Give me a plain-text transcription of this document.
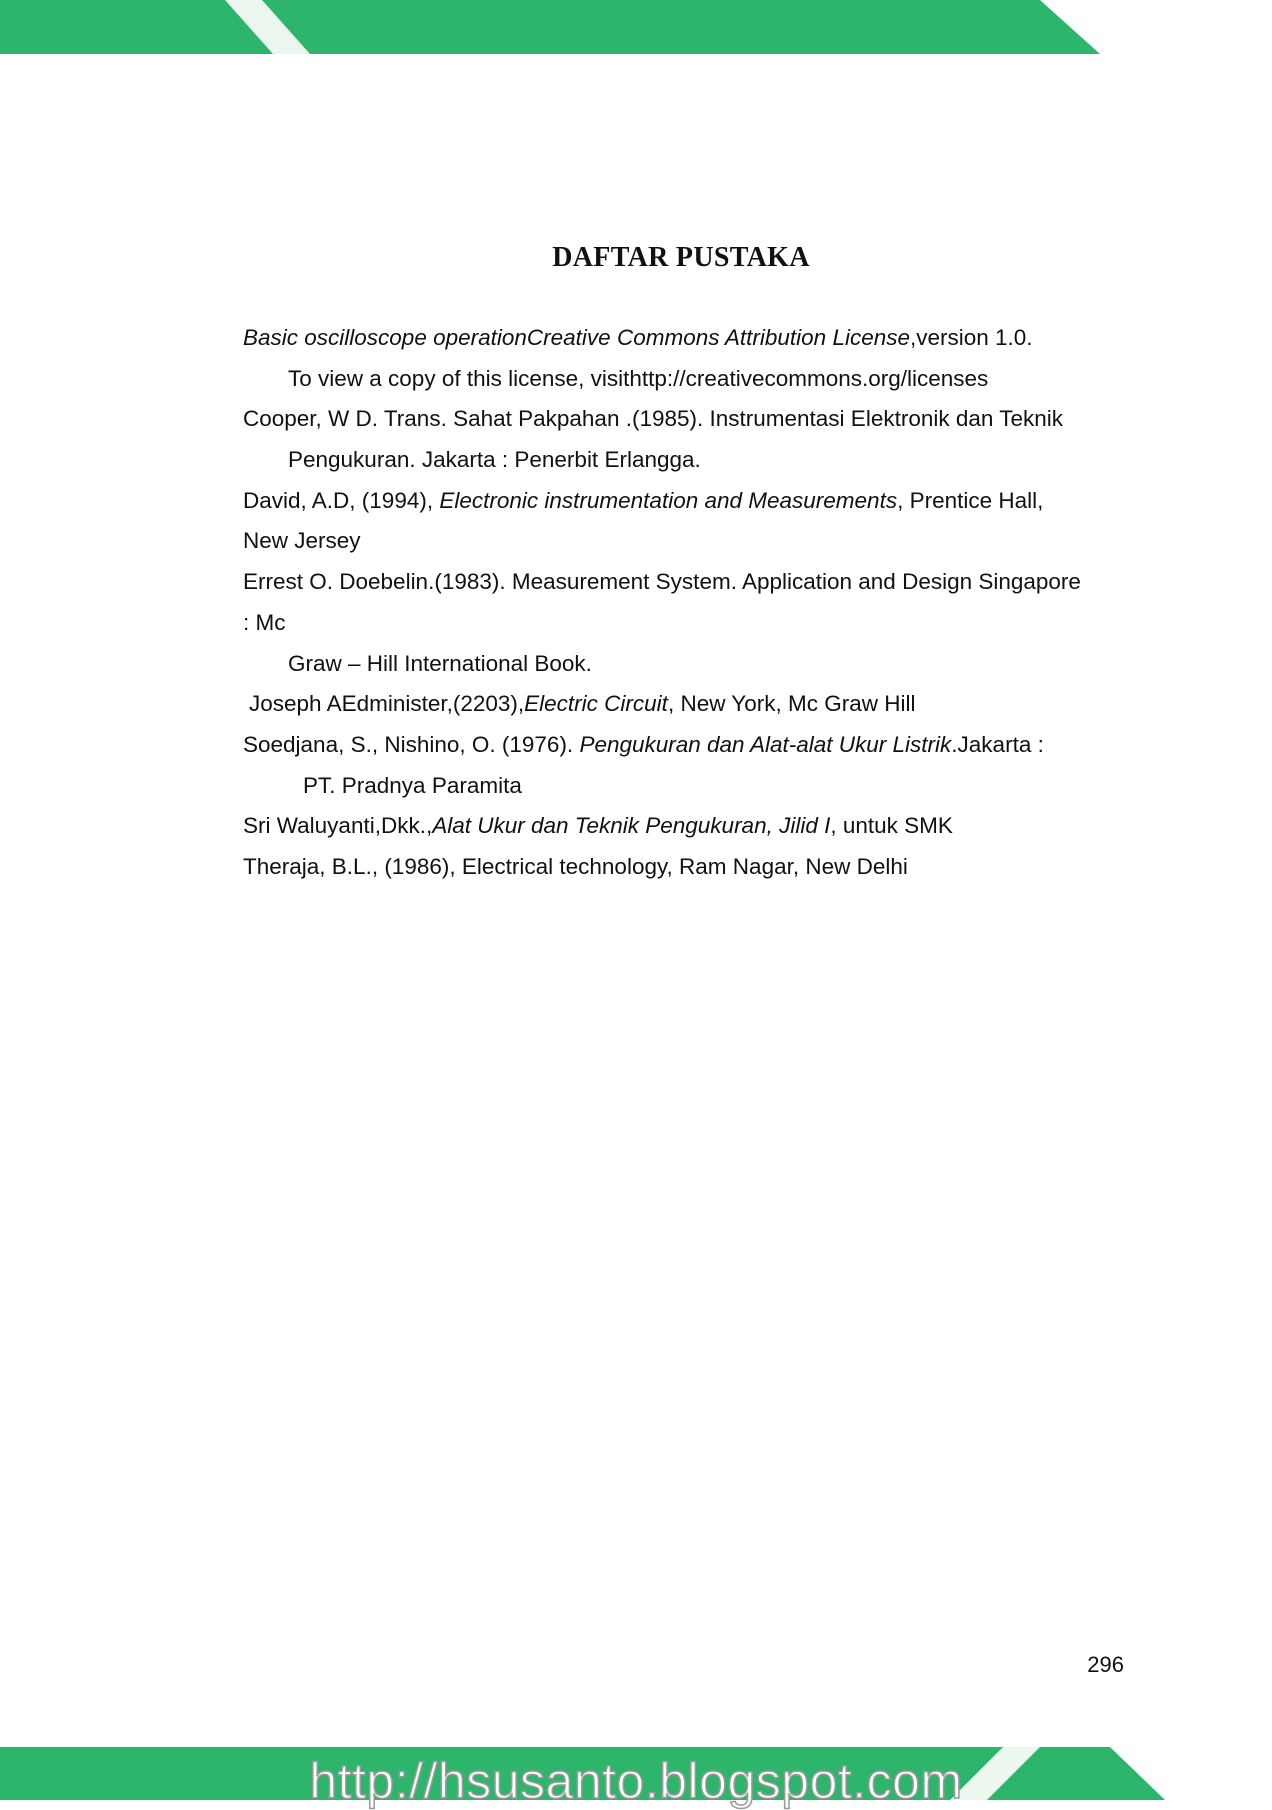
DAFTAR PUSTAKA
Basic oscilloscope operationCreative Commons Attribution License,version 1.0.
To view a copy of this license, visithttp://creativecommons.org/licenses
Cooper, W D. Trans. Sahat Pakpahan .(1985). Instrumentasi Elektronik dan Teknik
Pengukuran. Jakarta : Penerbit Erlangga.
David, A.D, (1994), Electronic instrumentation and Measurements, Prentice Hall,
New Jersey
Errest O. Doebelin.(1983). Measurement System. Application and Design Singapore
: Mc
Graw – Hill International Book.
Joseph AEdminister,(2203),Electric Circuit, New York, Mc Graw Hill
Soedjana, S., Nishino, O. (1976). Pengukuran dan Alat-alat Ukur Listrik.Jakarta :
PT. Pradnya Paramita
Sri Waluyanti,Dkk.,Alat Ukur dan Teknik Pengukuran, Jilid I, untuk SMK
Theraja, B.L., (1986), Electrical technology, Ram Nagar, New Delhi
296
http://hsusanto.blogspot.com
